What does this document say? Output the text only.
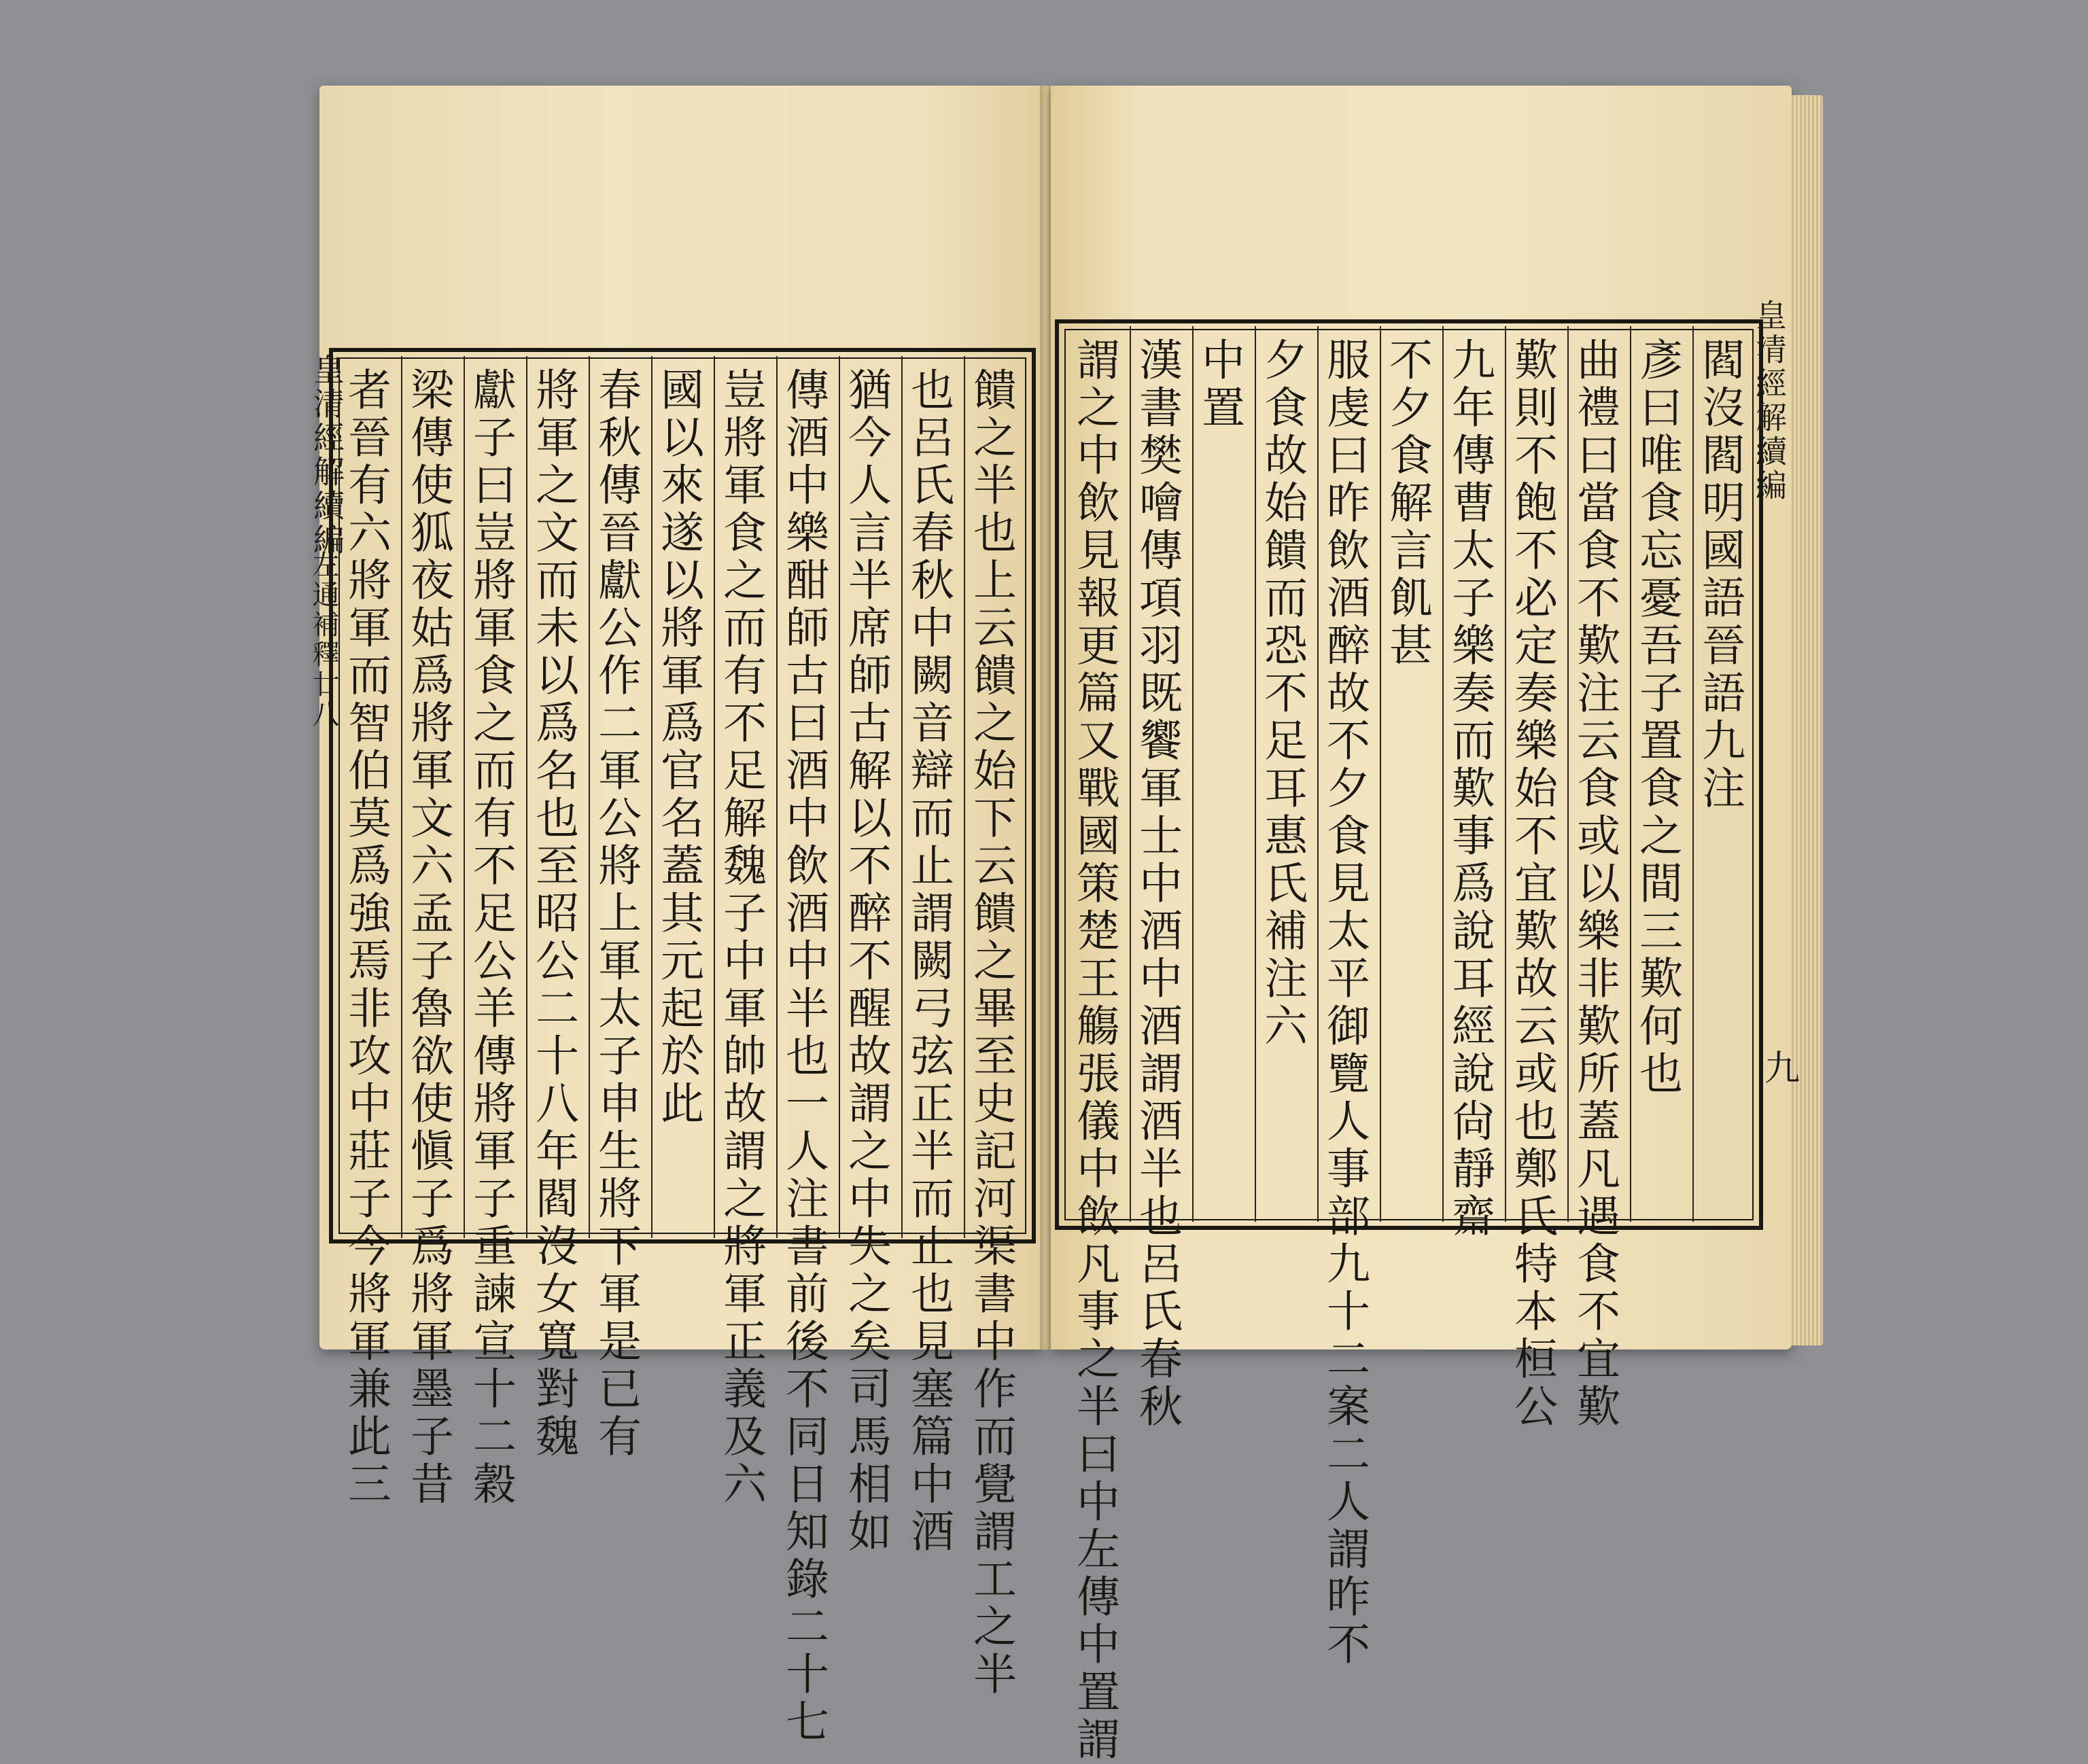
皇清經解續編
左通補釋廿八
皇清經解續編
九
饋之半也上云饋之始下云饋之畢至史記河渠書中作而覺謂工之半
也呂氏春秋中闕音辯而止謂闕弓弦正半而止也見塞篇中酒
猶今人言半席師古解以不醉不醒故謂之中失之矣司馬相如
傳酒中樂酣師古曰酒中飲酒中半也一人注書前後不同日知錄二十七
豈將軍食之而有不足解魏子中軍帥故謂之將軍正義及六
國以來遂以將軍爲官名蓋其元起於此
春秋傳晉獻公作二軍公將上軍太子申生將下軍是已有
將軍之文而未以爲名也至昭公二十八年閻沒女寬對魏
獻子曰豈將軍食之而有不足公羊傳將軍子重諫宣十二穀
梁傳使狐夜姑爲將軍文六孟子魯欲使愼子爲將軍墨子昔
者晉有六將軍而智伯莫爲強焉非攻中莊子今將軍兼此三	閻沒閻明國語晉語九注
彥曰唯食忘憂吾子置食之間三歎何也
曲禮曰當食不歎注云食或以樂非歎所蓋凡遇食不宜歎
歎則不飽不必定奏樂始不宜歎故云或也鄭氏特本桓公
九年傳曹太子樂奏而歎事爲說耳經說尙靜齋
不夕食解言飢甚
服虔曰昨飲酒醉故不夕食見太平御覽人事部九十二案二人謂昨不
夕食故始饋而恐不足耳惠氏補注六
中置
漢書樊噲傳項羽既饗軍士中酒中酒謂酒半也呂氏春秋
謂之中飲見報更篇又戰國策楚王觴張儀中飲凡事之半曰中左傳中置謂
